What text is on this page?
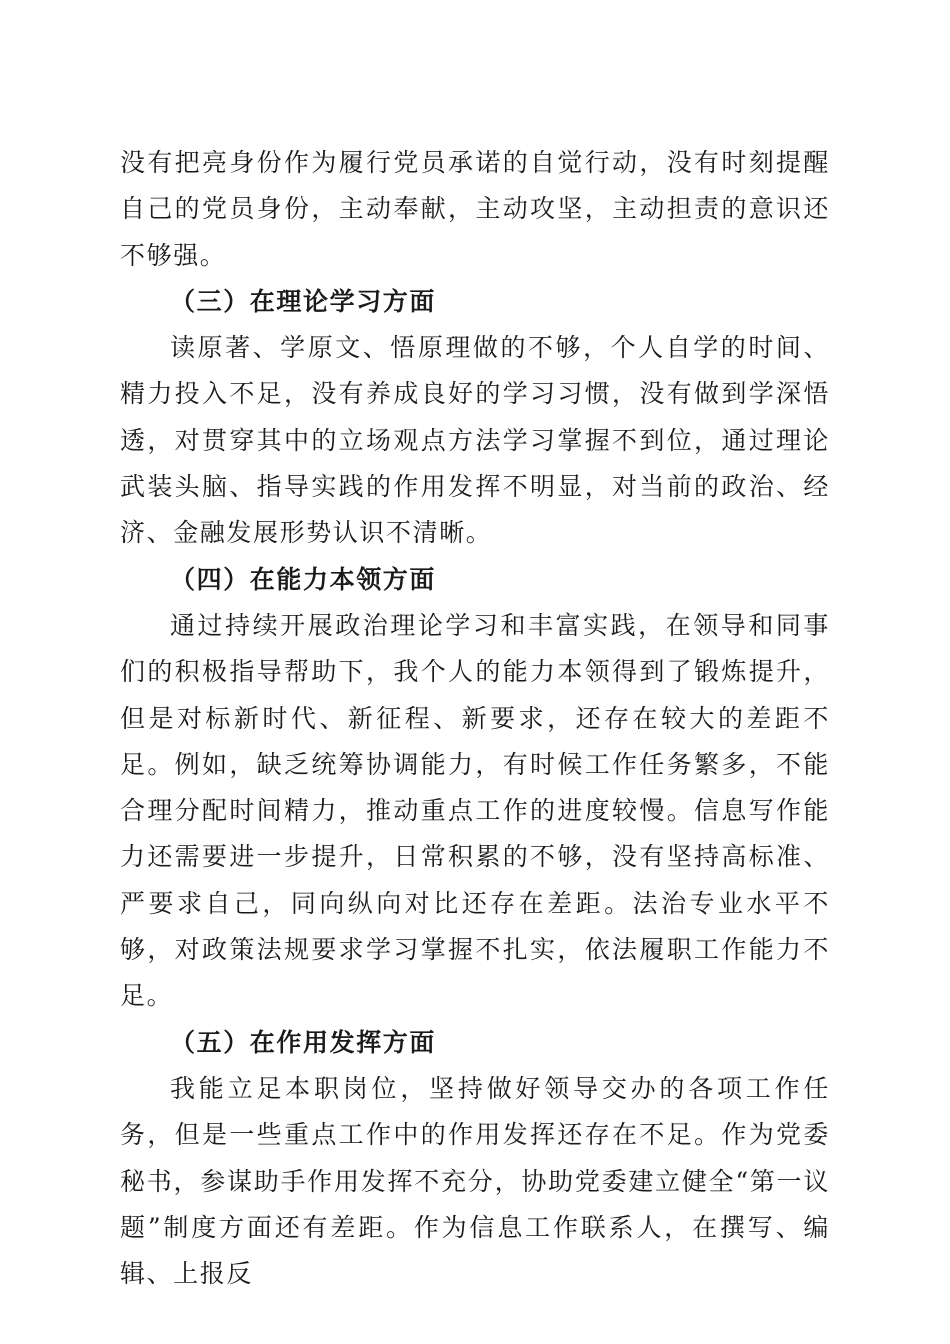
没有把亮身份作为履行党员承诺的自觉行动，没有时刻提醒自己的党员身份，主动奉献，主动攻坚，主动担责的意识还不够强。

（三）在理论学习方面

读原著、学原文、悟原理做的不够，个人自学的时间、精力投入不足，没有养成良好的学习习惯，没有做到学深悟透，对贯穿其中的立场观点方法学习掌握不到位，通过理论武装头脑、指导实践的作用发挥不明显，对当前的政治、经济、金融发展形势认识不清晰。

（四）在能力本领方面

通过持续开展政治理论学习和丰富实践，在领导和同事们的积极指导帮助下，我个人的能力本领得到了锻炼提升，但是对标新时代、新征程、新要求，还存在较大的差距不足。例如，缺乏统筹协调能力，有时候工作任务繁多，不能合理分配时间精力，推动重点工作的进度较慢。信息写作能力还需要进一步提升，日常积累的不够，没有坚持高标准、严要求自己，同向纵向对比还存在差距。法治专业水平不够，对政策法规要求学习掌握不扎实，依法履职工作能力不足。

（五）在作用发挥方面

我能立足本职岗位，坚持做好领导交办的各项工作任务，但是一些重点工作中的作用发挥还存在不足。作为党委秘书，参谋助手作用发挥不充分，协助党委建立健全“第一议题”制度方面还有差距。作为信息工作联系人，在撰写、编辑、上报反
